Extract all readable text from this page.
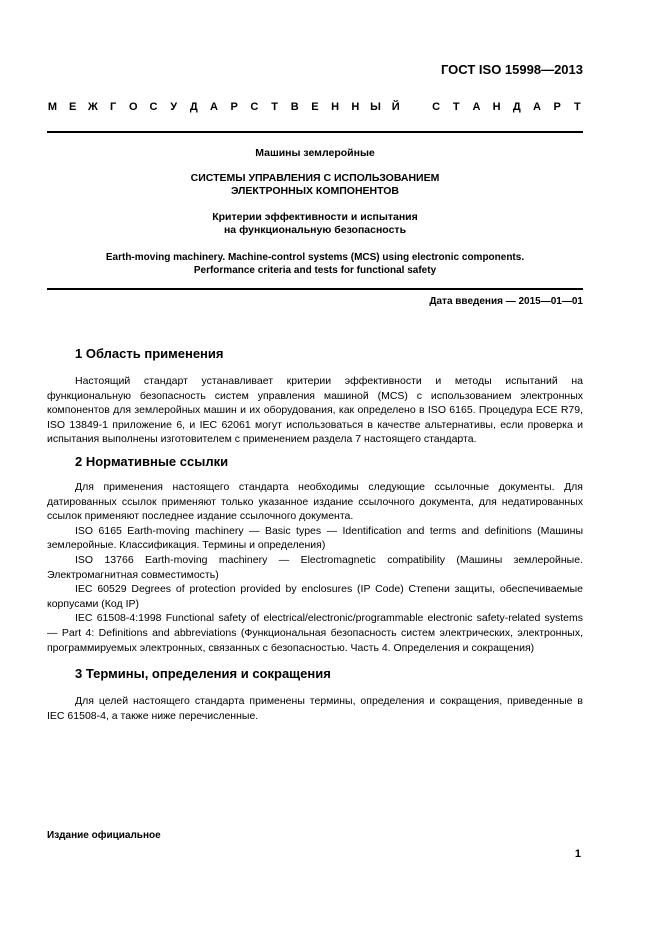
ГОСТ ISO 15998—2013
М Е Ж Г О С У Д А Р С Т В Е Н Н Ы Й	С Т А Н Д А Р Т
Машины землеройные
СИСТЕМЫ УПРАВЛЕНИЯ С ИСПОЛЬЗОВАНИЕМ
ЭЛЕКТРОННЫХ КОМПОНЕНТОВ
Критерии эффективности и испытания
на функциональную безопасность
Earth-moving machinery. Machine-control systems (MCS) using electronic components.
Performance criteria and tests for functional safety
Дата введения — 2015—01—01
1 Область применения

Настоящий стандарт устанавливает критерии эффективности и методы испытаний на функциональную безопасность систем управления машиной (MCS) с использованием электронных компонентов для землеройных машин и их оборудования, как определено в ISO 6165. Процедура ECE R79, ISO 13849-1 приложение 6, и IEC 62061 могут использоваться в качестве альтернативы, если проверка и испытания выполнены изготовителем с применением раздела 7 настоящего стандарта.

2 Нормативные ссылки

Для применения настоящего стандарта необходимы следующие ссылочные документы. Для датированных ссылок применяют только указанное издание ссылочного документа, для недатированных ссылок применяют последнее издание ссылочного документа.

ISO 6165 Earth-moving machinery — Basic types — Identification and terms and definitions (Машины землеройные. Классификация. Термины и определения)

ISO 13766 Earth-moving machinery — Electromagnetic compatibility (Машины землеройные. Электромагнитная совместимость)

IEC 60529 Degrees of protection provided by enclosures (IP Code) Степени защиты, обеспечиваемые корпусами (Код IP)

IEC 61508-4:1998 Functional safety of electrical/electronic/programmable electronic safety-related systems — Part 4: Definitions and abbreviations (Функциональная безопасность систем электрических, электронных, программируемых электронных, связанных с безопасностью. Часть 4. Определения и сокращения)

3 Термины, определения и сокращения

Для целей настоящего стандарта применены термины, определения и сокращения, приведенные в IEC 61508-4, а также ниже перечисленные.

Издание официальное
1
